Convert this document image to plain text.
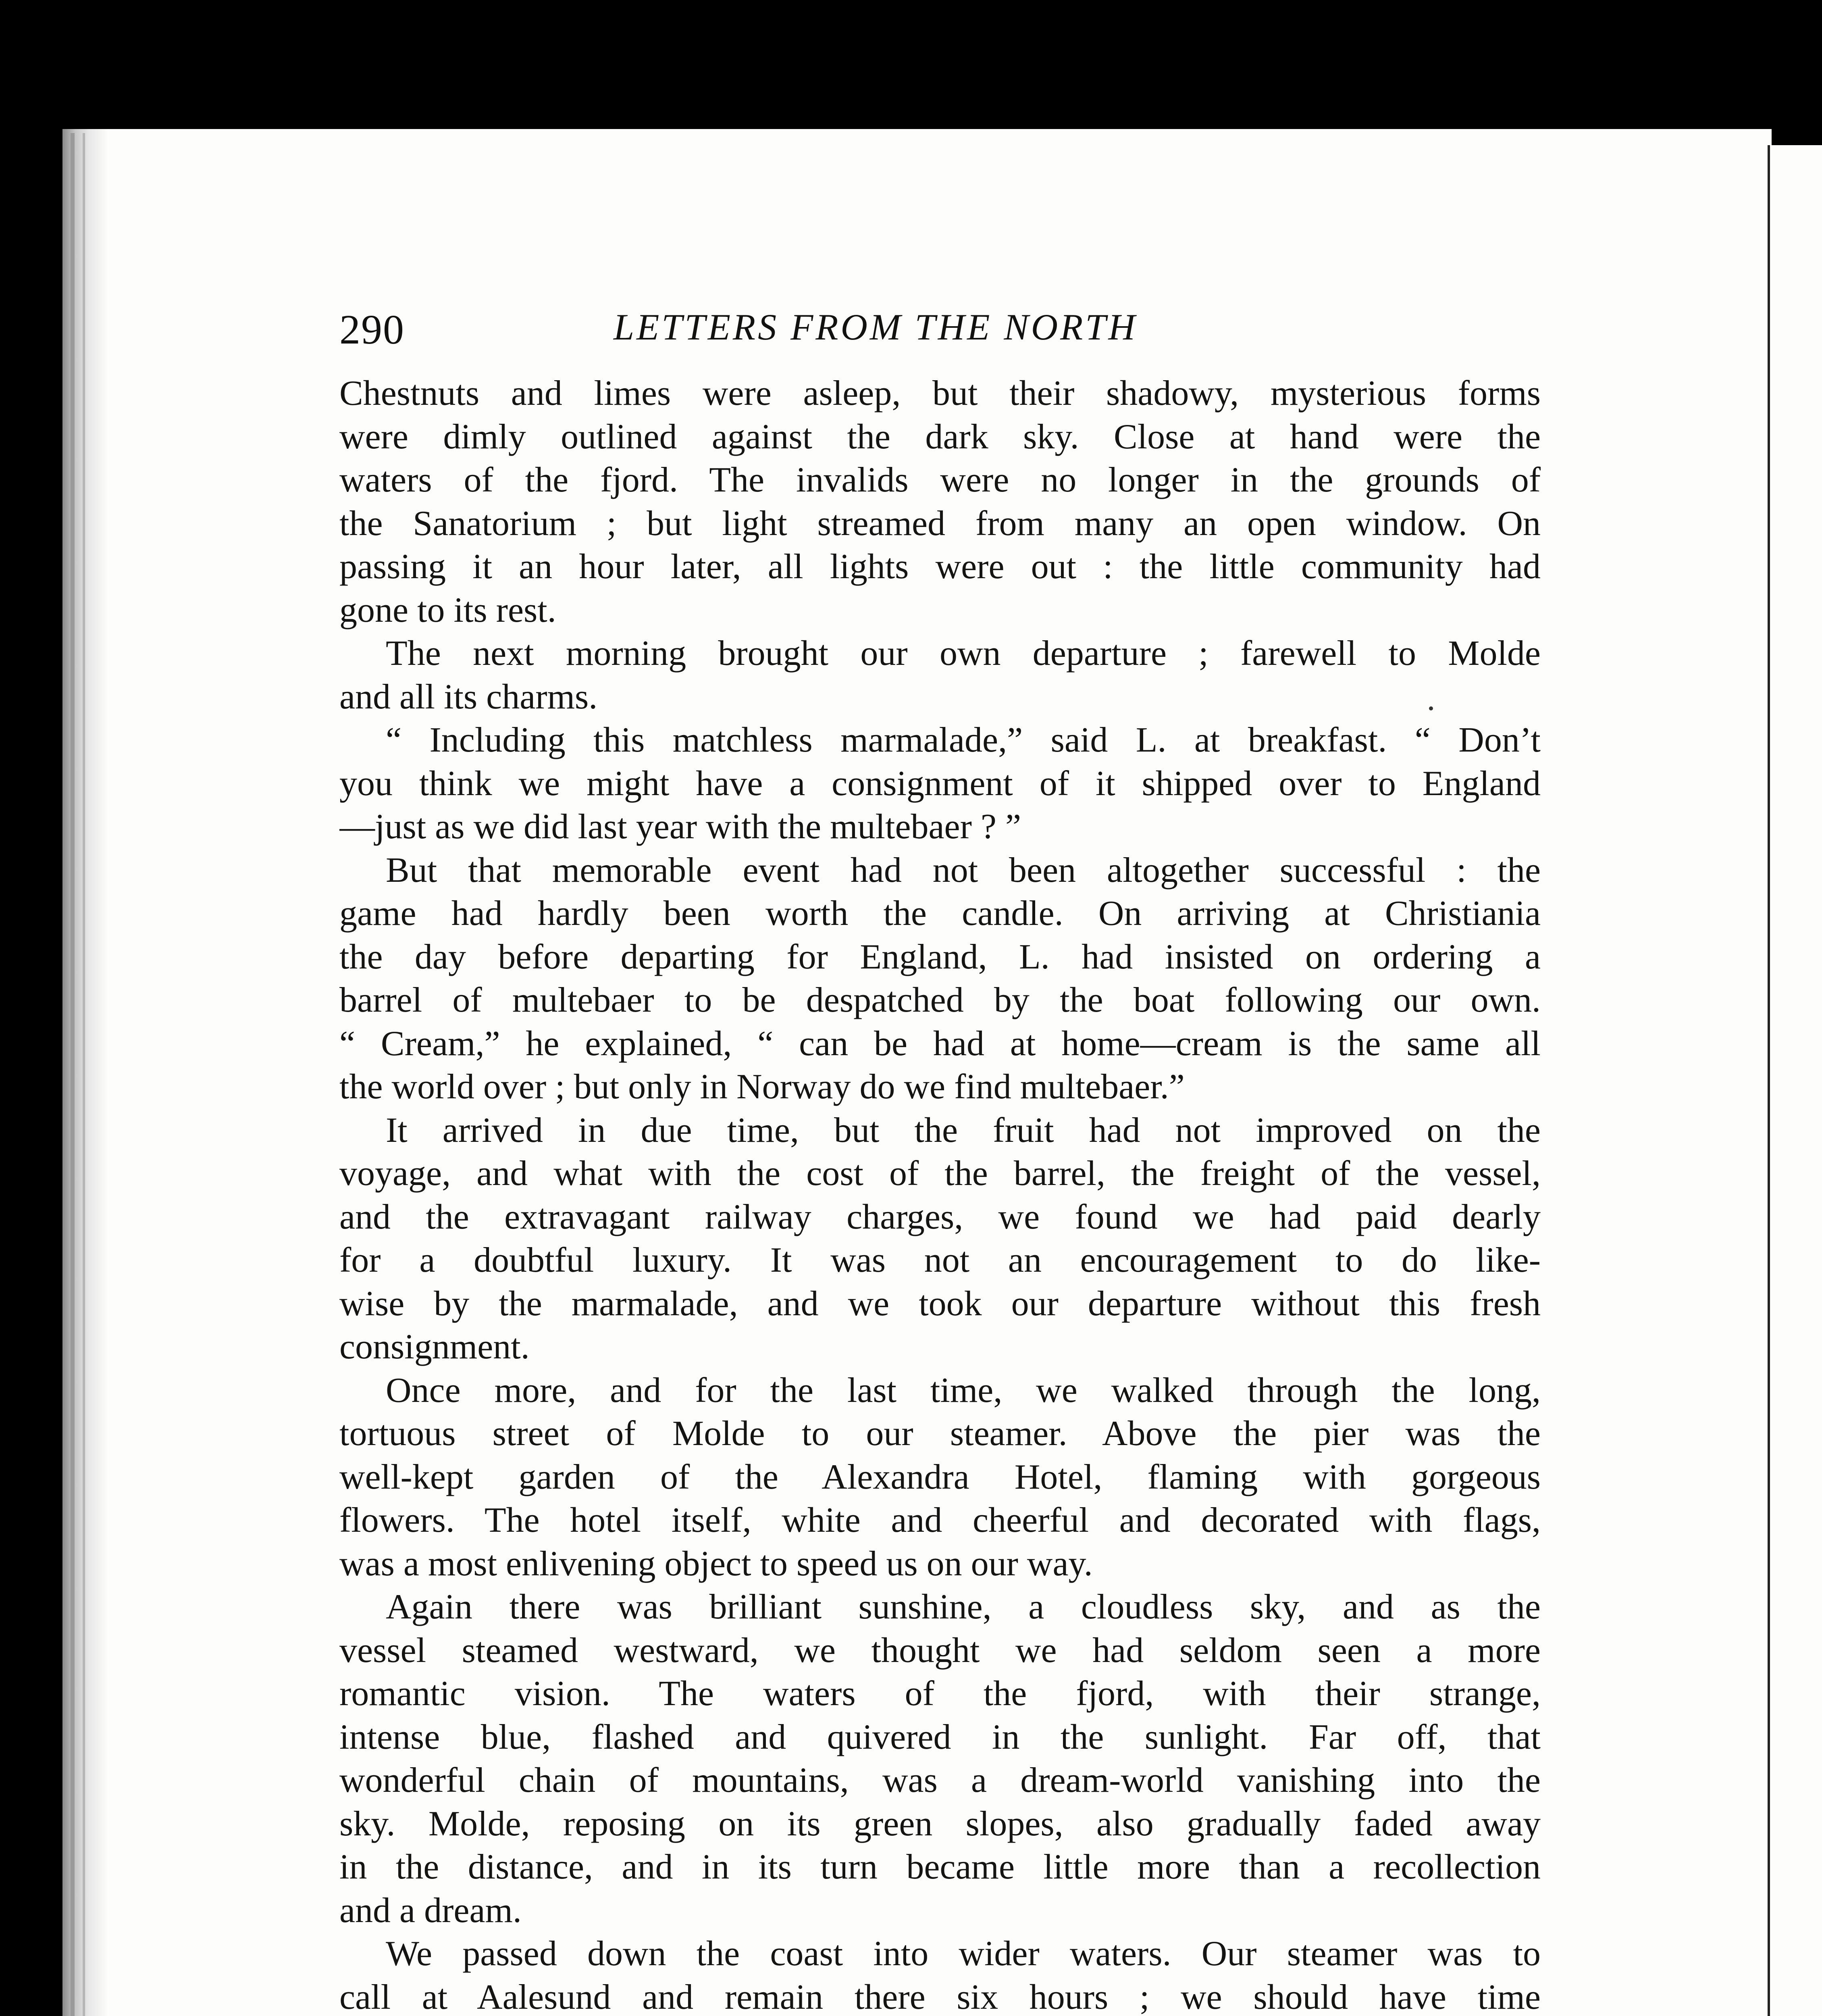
290	LETTERS FROM THE NORTH
Chestnuts and limes were asleep, but their shadowy, mysterious forms
were dimly outlined against the dark sky. Close at hand were the
waters of the fjord. The invalids were no longer in the grounds of
the Sanatorium ; but light streamed from many an open window. On
passing it an hour later, all lights were out : the little community had
gone to its rest.
The next morning brought our own departure ; farewell to Molde
and all its charms.
“ Including this matchless marmalade,” said L. at breakfast. “ Don’t
you think we might have a consignment of it shipped over to England
—just as we did last year with the multebaer ? ”
But that memorable event had not been altogether successful : the
game had hardly been worth the candle. On arriving at Christiania
the day before departing for England, L. had insisted on ordering a
barrel of multebaer to be despatched by the boat following our own.
“ Cream,” he explained, “ can be had at home—cream is the same all
the world over ; but only in Norway do we find multebaer.”
It arrived in due time, but the fruit had not improved on the
voyage, and what with the cost of the barrel, the freight of the vessel,
and the extravagant railway charges, we found we had paid dearly
for a doubtful luxury. It was not an encouragement to do like-
wise by the marmalade, and we took our departure without this fresh
consignment.
Once more, and for the last time, we walked through the long,
tortuous street of Molde to our steamer. Above the pier was the
well-kept garden of the Alexandra Hotel, flaming with gorgeous
flowers. The hotel itself, white and cheerful and decorated with flags,
was a most enlivening object to speed us on our way.
Again there was brilliant sunshine, a cloudless sky, and as the
vessel steamed westward, we thought we had seldom seen a more
romantic vision. The waters of the fjord, with their strange,
intense blue, flashed and quivered in the sunlight. Far off, that
wonderful chain of mountains, was a dream-world vanishing into the
sky. Molde, reposing on its green slopes, also gradually faded away
in the distance, and in its turn became little more than a recollection
and a dream.
We passed down the coast into wider waters. Our steamer was to
call at Aalesund and remain there six hours ; we should have time
